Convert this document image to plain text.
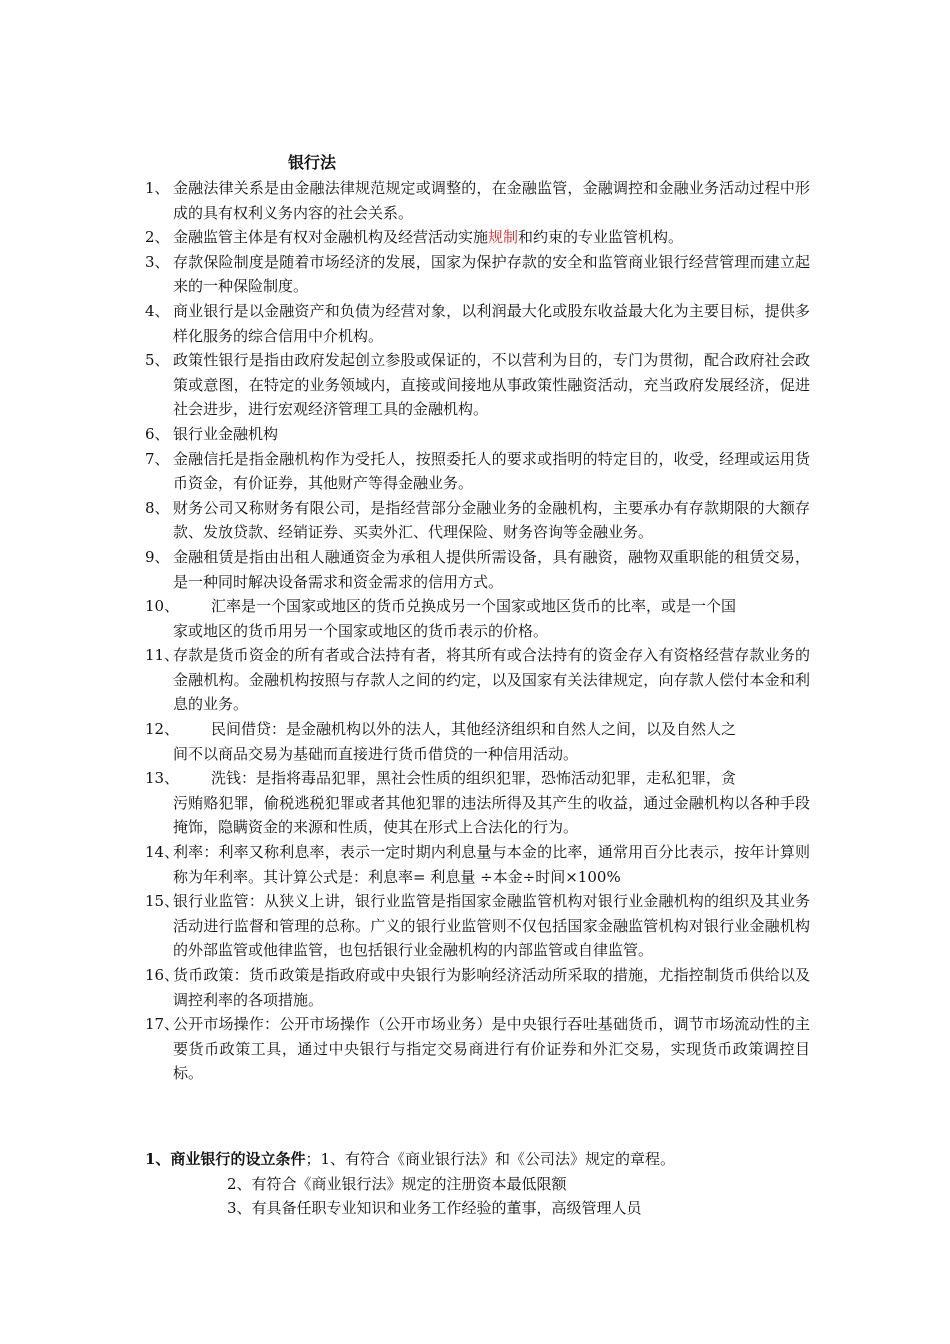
银行法
1、 金融法律关系是由金融法律规范规定或调整的，在金融监管，金融调控和金融业务活动过程中形成的具有权利义务内容的社会关系。
2、 金融监管主体是有权对金融机构及经营活动实施规制和约束的专业监管机构。
3、 存款保险制度是随着市场经济的发展，国家为保护存款的安全和监管商业银行经营管理而建立起来的一种保险制度。
4、 商业银行是以金融资产和负债为经营对象，以利润最大化或股东收益最大化为主要目标，提供多样化服务的综合信用中介机构。
5、 政策性银行是指由政府发起创立参股或保证的，不以营利为目的，专门为贯彻，配合政府社会政策或意图，在特定的业务领域内，直接或间接地从事政策性融资活动，充当政府发展经济，促进社会进步，进行宏观经济管理工具的金融机构。
6、 银行业金融机构
7、 金融信托是指金融机构作为受托人，按照委托人的要求或指明的特定目的，收受，经理或运用货币资金，有价证券，其他财产等得金融业务。
8、 财务公司又称财务有限公司，是指经营部分金融业务的金融机构，主要承办有存款期限的大额存款、发放贷款、经销证券、买卖外汇、代理保险、财务咨询等金融业务。
9、 金融租赁是指由出租人融通资金为承租人提供所需设备，具有融资，融物双重职能的租赁交易，是一种同时解决设备需求和资金需求的信用方式。
10、	汇率是一个国家或地区的货币兑换成另一个国家或地区货币的比率，或是一个国
家或地区的货币用另一个国家或地区的货币表示的价格。
11、
存款是货币资金的所有者或合法持有者，将其所有或合法持有的资金存入有资格经营存款业务的金融机构。金融机构按照与存款人之间的约定，以及国家有关法律规定，向存款人偿付本金和利息的业务。
12、	民间借贷：是金融机构以外的法人，其他经济组织和自然人之间，以及自然人之
间不以商品交易为基础而直接进行货币借贷的一种信用活动。
13、	洗钱：是指将毒品犯罪，黑社会性质的组织犯罪，恐怖活动犯罪，走私犯罪，贪
污贿赂犯罪，偷税逃税犯罪或者其他犯罪的违法所得及其产生的收益，通过金融机构以各种手段掩饰，隐瞒资金的来源和性质，使其在形式上合法化的行为。
14、
利率：利率又称利息率，表示一定时期内利息量与本金的比率，通常用百分比表示，按年计算则称为年利率。其计算公式是：利息率= 利息量 ÷本金÷时间×100%
15、
银行业监管：从狭义上讲，银行业监管是指国家金融监管机构对银行业金融机构的组织及其业务活动进行监督和管理的总称。广义的银行业监管则不仅包括国家金融监管机构对银行业金融机构的外部监管或他律监管，也包括银行业金融机构的内部监管或自律监管。
16、
货币政策：货币政策是指政府或中央银行为影响经济活动所采取的措施，尤指控制货币供给以及调控利率的各项措施。
17、
公开市场操作：公开市场操作（公开市场业务）是中央银行吞吐基础货币，调节市场流动性的主要货币政策工具，通过中央银行与指定交易商进行有价证券和外汇交易，实现货币政策调控目标。
1、商业银行的设立条件；1、有符合《商业银行法》和《公司法》规定的章程。
2、有符合《商业银行法》规定的注册资本最低限额
3、有具备任职专业知识和业务工作经验的董事，高级管理人员
